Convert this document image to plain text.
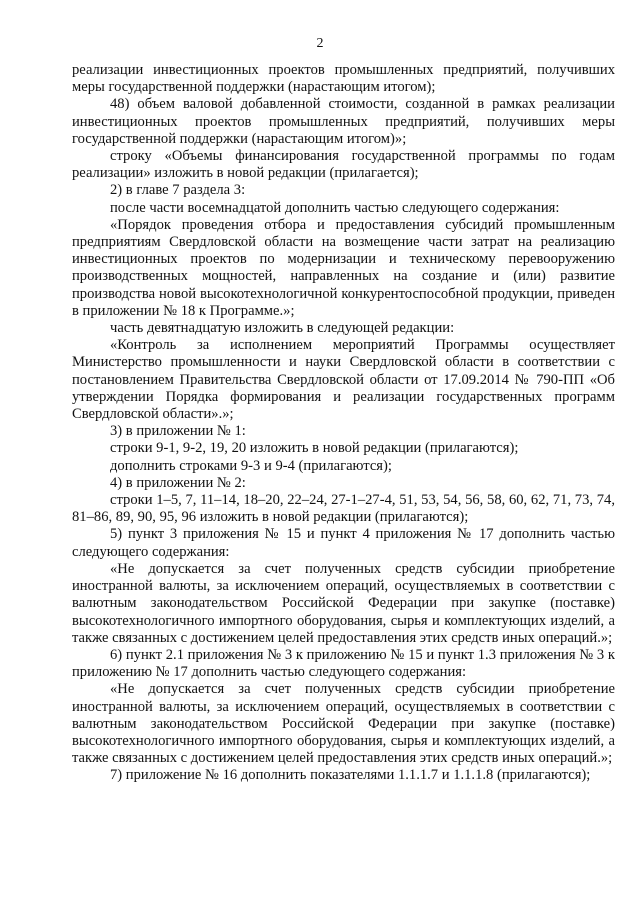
2

реализации инвестиционных проектов промышленных предприятий, получивших меры государственной поддержки (нарастающим итогом);

48) объем валовой добавленной стоимости, созданной в рамках реализации инвестиционных проектов промышленных предприятий, получивших меры государственной поддержки (нарастающим итогом)»;

строку «Объемы финансирования государственной программы по годам реализации» изложить в новой редакции (прилагается);

2) в главе 7 раздела 3:

после части восемнадцатой дополнить частью следующего содержания:

«Порядок проведения отбора и предоставления субсидий промышленным предприятиям Свердловской области на возмещение части затрат на реализацию инвестиционных проектов по модернизации и техническому перевооружению производственных мощностей, направленных на создание и (или) развитие производства новой высокотехнологичной конкурентоспособной продукции, приведен в приложении № 18 к Программе.»;

часть девятнадцатую изложить в следующей редакции:

«Контроль за исполнением мероприятий Программы осуществляет Министерство промышленности и науки Свердловской области в соответствии с постановлением Правительства Свердловской области от 17.09.2014 № 790-ПП «Об утверждении Порядка формирования и реализации государственных программ Свердловской области».»;

3) в приложении № 1:

строки 9-1, 9-2, 19, 20 изложить в новой редакции (прилагаются);

дополнить строками 9-3 и 9-4 (прилагаются);

4) в приложении № 2:

строки 1–5, 7, 11–14, 18–20, 22–24, 27-1–27-4, 51, 53, 54, 56, 58, 60, 62, 71, 73, 74, 81–86, 89, 90, 95, 96 изложить в новой редакции (прилагаются);

5) пункт 3 приложения № 15 и пункт 4 приложения № 17 дополнить частью следующего содержания:

«Не допускается за счет полученных средств субсидии приобретение иностранной валюты, за исключением операций, осуществляемых в соответствии с валютным законодательством Российской Федерации при закупке (поставке) высокотехнологичного импортного оборудования, сырья и комплектующих изделий, а также связанных с достижением целей предоставления этих средств иных операций.»;

6) пункт 2.1 приложения № 3 к приложению № 15 и пункт 1.3 приложения № 3 к приложению № 17 дополнить частью следующего содержания:

«Не допускается за счет полученных средств субсидии приобретение иностранной валюты, за исключением операций, осуществляемых в соответствии с валютным законодательством Российской Федерации при закупке (поставке) высокотехнологичного импортного оборудования, сырья и комплектующих изделий, а также связанных с достижением целей предоставления этих средств иных операций.»;

7) приложение № 16 дополнить показателями 1.1.1.7 и 1.1.1.8 (прилагаются);
